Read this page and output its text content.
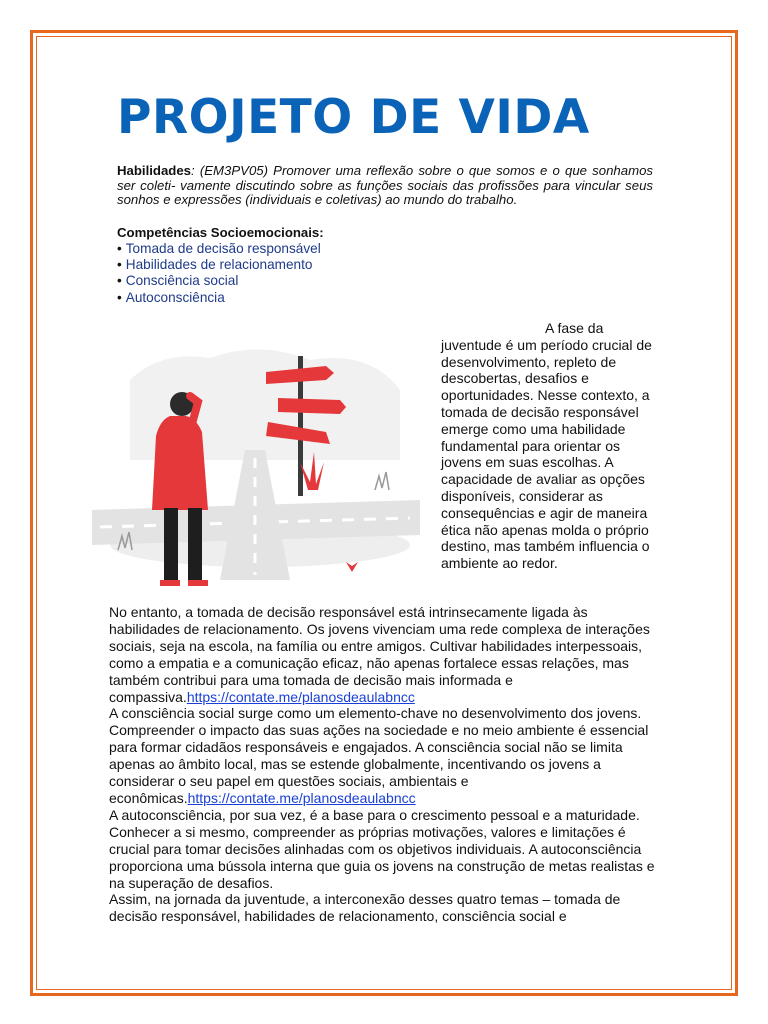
PROJETO DE VIDA

Habilidades: (EM3PV05) Promover uma reflexão sobre o que somos e o que sonhamos ser coleti- vamente discutindo sobre as funções sociais das profissões para vincular seus sonhos e expressões (individuais e coletivas) ao mundo do trabalho.

Competências Socioemocionais:

• Tomada de decisão responsável
• Habilidades de relacionamento
• Consciência social
• Autoconsciência

A fase da juventude é um período crucial de desenvolvimento, repleto de descobertas, desafios e oportunidades. Nesse contexto, a tomada de decisão responsável emerge como uma habilidade fundamental para orientar os jovens em suas escolhas. A capacidade de avaliar as opções disponíveis, considerar as consequências e agir de maneira ética não apenas molda o próprio destino, mas também influencia o ambiente ao redor.

No entanto, a tomada de decisão responsável está intrinsecamente ligada às habilidades de relacionamento. Os jovens vivenciam uma rede complexa de interações sociais, seja na escola, na família ou entre amigos. Cultivar habilidades interpessoais, como a empatia e a comunicação eficaz, não apenas fortalece essas relações, mas também contribui para uma tomada de decisão mais informada e compassiva.https://contate.me/planosdeaulabncc

A consciência social surge como um elemento-chave no desenvolvimento dos jovens. Compreender o impacto das suas ações na sociedade e no meio ambiente é essencial para formar cidadãos responsáveis e engajados. A consciência social não se limita apenas ao âmbito local, mas se estende globalmente, incentivando os jovens a considerar o seu papel em questões sociais, ambientais e econômicas.https://contate.me/planosdeaulabncc

A autoconsciência, por sua vez, é a base para o crescimento pessoal e a maturidade. Conhecer a si mesmo, compreender as próprias motivações, valores e limitações é crucial para tomar decisões alinhadas com os objetivos individuais. A autoconsciência proporciona uma bússola interna que guia os jovens na construção de metas realistas e na superação de desafios.

Assim, na jornada da juventude, a interconexão desses quatro temas – tomada de decisão responsável, habilidades de relacionamento, consciência social e
